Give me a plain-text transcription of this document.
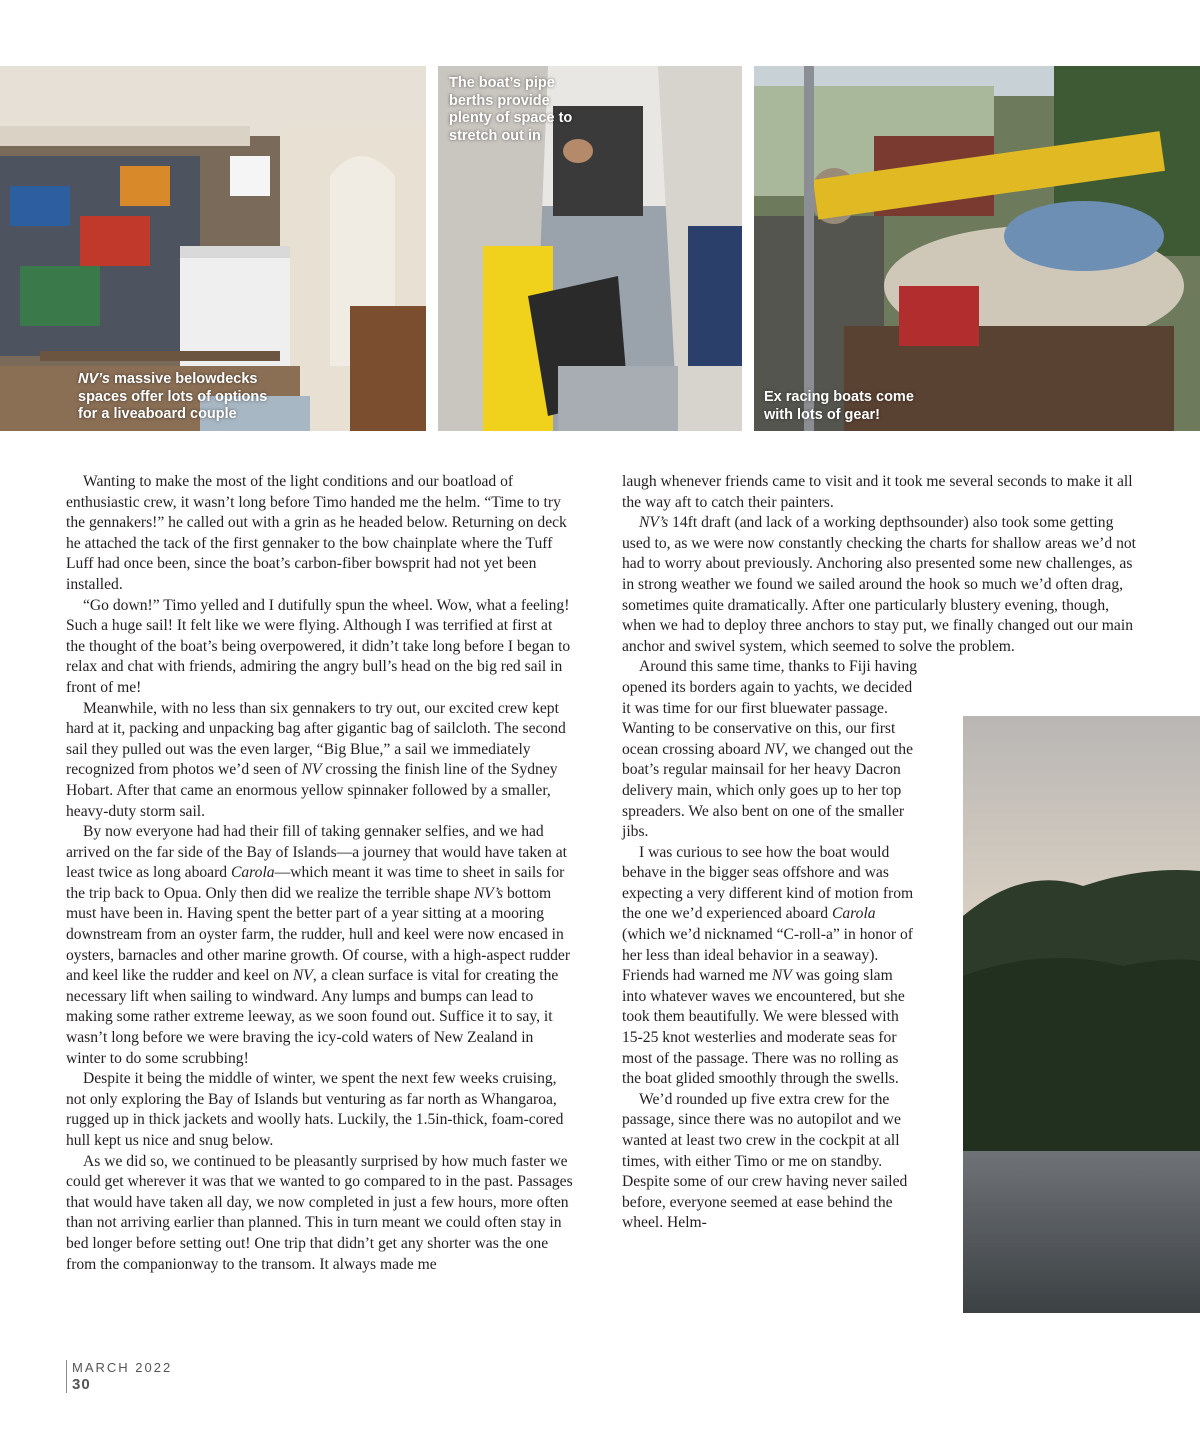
NV’s massive belowdecks spaces offer lots of options for a liveaboard couple
The boat’s pipe berths provide plenty of space to stretch out in
Ex racing boats come with lots of gear!

Wanting to make the most of the light conditions and our boatload of enthusiastic crew, it wasn’t long before Timo handed me the helm. “Time to try the gennakers!” he called out with a grin as he headed below. Returning on deck he attached the tack of the first gennaker to the bow chainplate where the Tuff Luff had once been, since the boat’s carbon-fiber bowsprit had not yet been installed.

“Go down!” Timo yelled and I dutifully spun the wheel. Wow, what a feeling! Such a huge sail! It felt like we were flying. Although I was terrified at first at the thought of the boat’s being overpowered, it didn’t take long before I began to relax and chat with friends, admiring the angry bull’s head on the big red sail in front of me!

Meanwhile, with no less than six gennakers to try out, our excited crew kept hard at it, packing and unpacking bag after gigantic bag of sailcloth. The second sail they pulled out was the even larger, “Big Blue,” a sail we immediately recognized from photos we’d seen of NV crossing the finish line of the Sydney Hobart. After that came an enormous yellow spinnaker followed by a smaller, heavy-duty storm sail.

By now everyone had had their fill of taking gennaker selfies, and we had arrived on the far side of the Bay of Islands—a journey that would have taken at least twice as long aboard Carola—which meant it was time to sheet in sails for the trip back to Opua. Only then did we realize the terrible shape NV’s bottom must have been in. Having spent the better part of a year sitting at a mooring downstream from an oyster farm, the rudder, hull and keel were now encased in oysters, barnacles and other marine growth. Of course, with a high-aspect rudder and keel like the rudder and keel on NV, a clean surface is vital for creating the necessary lift when sailing to windward. Any lumps and bumps can lead to making some rather extreme leeway, as we soon found out. Suffice it to say, it wasn’t long before we were braving the icy-cold waters of New Zealand in winter to do some scrubbing!

Despite it being the middle of winter, we spent the next few weeks cruising, not only exploring the Bay of Islands but venturing as far north as Whangaroa, rugged up in thick jackets and woolly hats. Luckily, the 1.5in-thick, foam-cored hull kept us nice and snug below.

As we did so, we continued to be pleasantly surprised by how much faster we could get wherever it was that we wanted to go compared to in the past. Passages that would have taken all day, we now completed in just a few hours, more often than not arriving earlier than planned. This in turn meant we could often stay in bed longer before setting out! One trip that didn’t get any shorter was the one from the companionway to the transom. It always made me

laugh whenever friends came to visit and it took me several seconds to make it all the way aft to catch their painters.

NV’s 14ft draft (and lack of a working depthsounder) also took some getting used to, as we were now constantly checking the charts for shallow areas we’d not had to worry about previously. Anchoring also presented some new challenges, as in strong weather we found we sailed around the hook so much we’d often drag, sometimes quite dramatically. After one particularly blustery evening, though, when we had to deploy three anchors to stay put, we finally changed out our main anchor and swivel system, which seemed to solve the problem.

Around this same time, thanks to Fiji having opened its borders again to yachts, we decided it was time for our first bluewater passage. Wanting to be conservative on this, our first ocean crossing aboard NV, we changed out the boat’s regular mainsail for her heavy Dacron delivery main, which only goes up to her top spreaders. We also bent on one of the smaller jibs.

I was curious to see how the boat would behave in the bigger seas offshore and was expecting a very different kind of motion from the one we’d experienced aboard Carola (which we’d nicknamed “C-roll-a” in honor of her less than ideal behavior in a seaway). Friends had warned me NV was going slam into whatever waves we encountered, but she took them beautifully. We were blessed with 15-25 knot westerlies and moderate seas for most of the passage. There was no rolling as the boat glided smoothly through the swells.

We’d rounded up five extra crew for the passage, since there was no autopilot and we wanted at least two crew in the cockpit at all times, with either Timo or me on standby. Despite some of our crew having never sailed before, everyone seemed at ease behind the wheel. Helm-

MARCH 2022
30
